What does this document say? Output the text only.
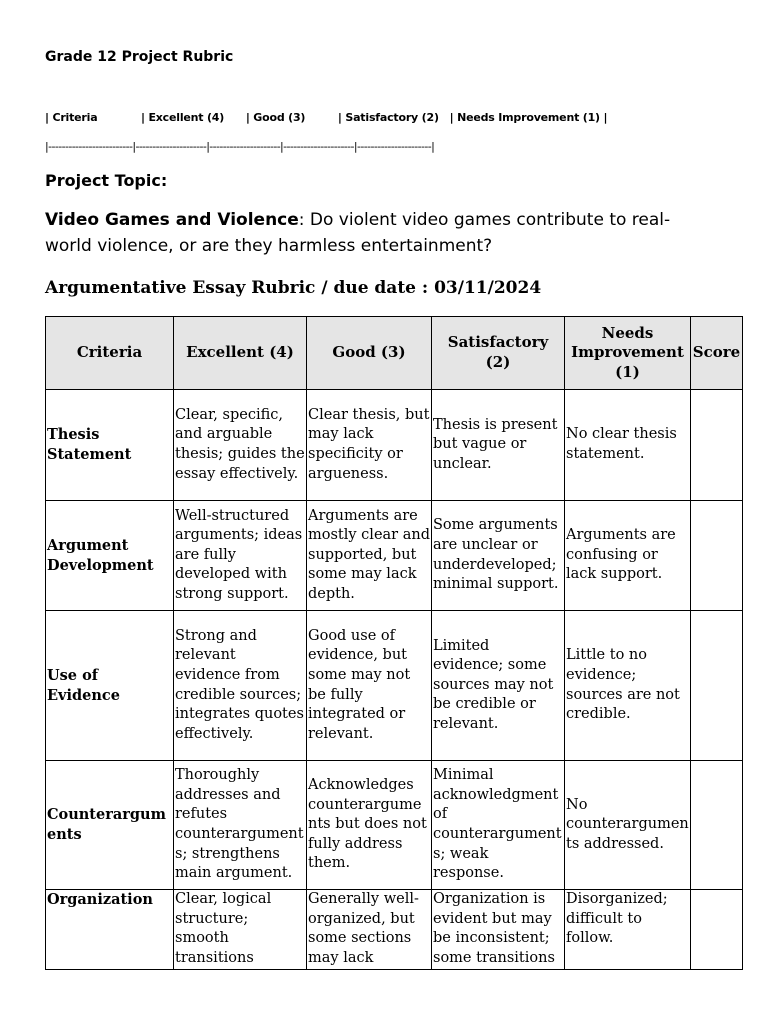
Grade 12 Project Rubric
| Criteria            | Excellent (4)      | Good (3)         | Satisfactory (2)   | Needs Improvement (1) |
|-------------------------|---------------------|---------------------|---------------------|----------------------|
Project Topic:
Video Games and Violence: Do violent video games contribute to real-world violence, or are they harmless entertainment?
Argumentative Essay Rubric / due date : 03/11/2024
Criteria	Excellent (4)	Good (3)	Satisfactory (2)	Needs Improvement (1)	Score
Thesis Statement	Clear, specific, and arguable thesis; guides the essay effectively.	Clear thesis, but may lack specificity or argueness.	Thesis is present but vague or unclear.	No clear thesis statement.	
Argument Development	Well-structured arguments; ideas are fully developed with strong support.	Arguments are mostly clear and supported, but some may lack depth.	Some arguments are unclear or underdeveloped; minimal support.	Arguments are confusing or lack support.	
Use of Evidence	Strong and relevant evidence from credible sources; integrates quotes effectively.	Good use of evidence, but some may not be fully integrated or relevant.	Limited evidence; some sources may not be credible or relevant.	Little to no evidence; sources are not credible.	
Counterarguments	Thoroughly addresses and refutes counterarguments; strengthens main argument.	Acknowledges counterarguments but does not fully address them.	Minimal acknowledgment of counterarguments; weak response.	No counterarguments addressed.	
Organization	Clear, logical structure; smooth transitions	Generally well-organized, but some sections may lack	Organization is evident but may be inconsistent; some transitions	Disorganized; difficult to follow.	
